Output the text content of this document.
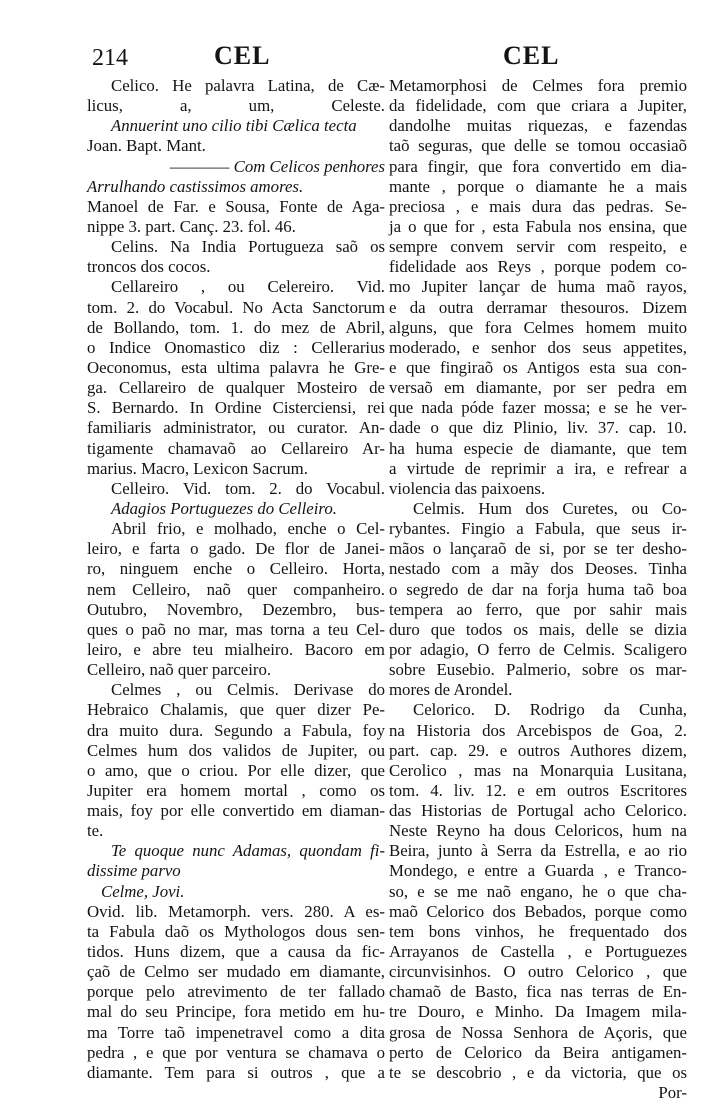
214	CEL	CEL
Celico. He palavra Latina, de Cæ-
licus, a, um, Celeste.
Annuerint uno cilio tibi Cælica tecta
Joan. Bapt. Mant.
———— Com Celicos penhores
Arrulhando castissimos amores.
Manoel de Far. e Sousa, Fonte de Aga-
nippe 3. part. Canç. 23. fol. 46.
Celins. Na India Portugueza saõ os
troncos dos cocos.
Cellareiro , ou Celereiro. Vid.
tom. 2. do Vocabul. No Acta Sanctorum
de Bollando, tom. 1. do mez de Abril,
o Indice Onomastico diz : Cellerarius
Oeconomus, esta ultima palavra he Gre-
ga. Cellareiro de qualquer Mosteiro de
S. Bernardo. In Ordine Cisterciensi, rei
familiaris administrator, ou curator. An-
tigamente chamavaõ ao Cellareiro Ar-
marius. Macro, Lexicon Sacrum.
Celleiro. Vid. tom. 2. do Vocabul.
Adagios Portuguezes do Celleiro.
Abril frio, e molhado, enche o Cel-
leiro, e farta o gado. De flor de Janei-
ro, ninguem enche o Celleiro. Horta,
nem Celleiro, naõ quer companheiro.
Outubro, Novembro, Dezembro, bus-
ques o paõ no mar, mas torna a teu Cel-
leiro, e abre teu mialheiro. Bacoro em
Celleiro, naõ quer parceiro.
Celmes , ou Celmis. Derivase do
Hebraico Chalamis, que quer dizer Pe-
dra muito dura. Segundo a Fabula, foy
Celmes hum dos validos de Jupiter, ou
o amo, que o criou. Por elle dizer, que
Jupiter era homem mortal , como os
mais, foy por elle convertido em diaman-
te.
Te quoque nunc Adamas, quondam fi-
dissime parvo
Celme, Jovi.
Ovid. lib. Metamorph. vers. 280. A es-
ta Fabula daõ os Mythologos dous sen-
tidos. Huns dizem, que a causa da fic-
çaõ de Celmo ser mudado em diamante,
porque pelo atrevimento de ter fallado
mal do seu Principe, fora metido em hu-
ma Torre taõ impenetravel como a dita
pedra , e que por ventura se chamava o
diamante. Tem para si outros , que a
Metamorphosi de Celmes fora premio
da fidelidade, com que criara a Jupiter,
dandolhe muitas riquezas, e fazendas
taõ seguras, que delle se tomou occasiaõ
para fingir, que fora convertido em dia-
mante , porque o diamante he a mais
preciosa , e mais dura das pedras. Se-
ja o que for , esta Fabula nos ensina, que
sempre convem servir com respeito, e
fidelidade aos Reys , porque podem co-
mo Jupiter lançar de huma maõ rayos,
e da outra derramar thesouros. Dizem
alguns, que fora Celmes homem muito
moderado, e senhor dos seus appetites,
e que fingiraõ os Antigos esta sua con-
versaõ em diamante, por ser pedra em
que nada póde fazer mossa; e se he ver-
dade o que diz Plinio, liv. 37. cap. 10.
ha huma especie de diamante, que tem
a virtude de reprimir a ira, e refrear a
violencia das paixoens.
Celmis. Hum dos Curetes, ou Co-
rybantes. Fingio a Fabula, que seus ir-
mãos o lançaraõ de si, por se ter desho-
nestado com a mãy dos Deoses. Tinha
o segredo de dar na forja huma taõ boa
tempera ao ferro, que por sahir mais
duro que todos os mais, delle se dizia
por adagio, O ferro de Celmis. Scaligero
sobre Eusebio. Palmerio, sobre os mar-
mores de Arondel.
Celorico. D. Rodrigo da Cunha,
na Historia dos Arcebispos de Goa, 2.
part. cap. 29. e outros Authores dizem,
Cerolico , mas na Monarquia Lusitana,
tom. 4. liv. 12. e em outros Escritores
das Historias de Portugal acho Celorico.
Neste Reyno ha dous Celoricos, hum na
Beira, junto à Serra da Estrella, e ao rio
Mondego, e entre a Guarda , e Tranco-
so, e se me naõ engano, he o que cha-
maõ Celorico dos Bebados, porque como
tem bons vinhos, he frequentado dos
Arrayanos de Castella , e Portuguezes
circunvisinhos. O outro Celorico , que
chamaõ de Basto, fica nas terras de En-
tre Douro, e Minho. Da Imagem mila-
grosa de Nossa Senhora de Açoris, que
perto de Celorico da Beira antigamen-
te se descobrio , e da victoria, que os
Por-
